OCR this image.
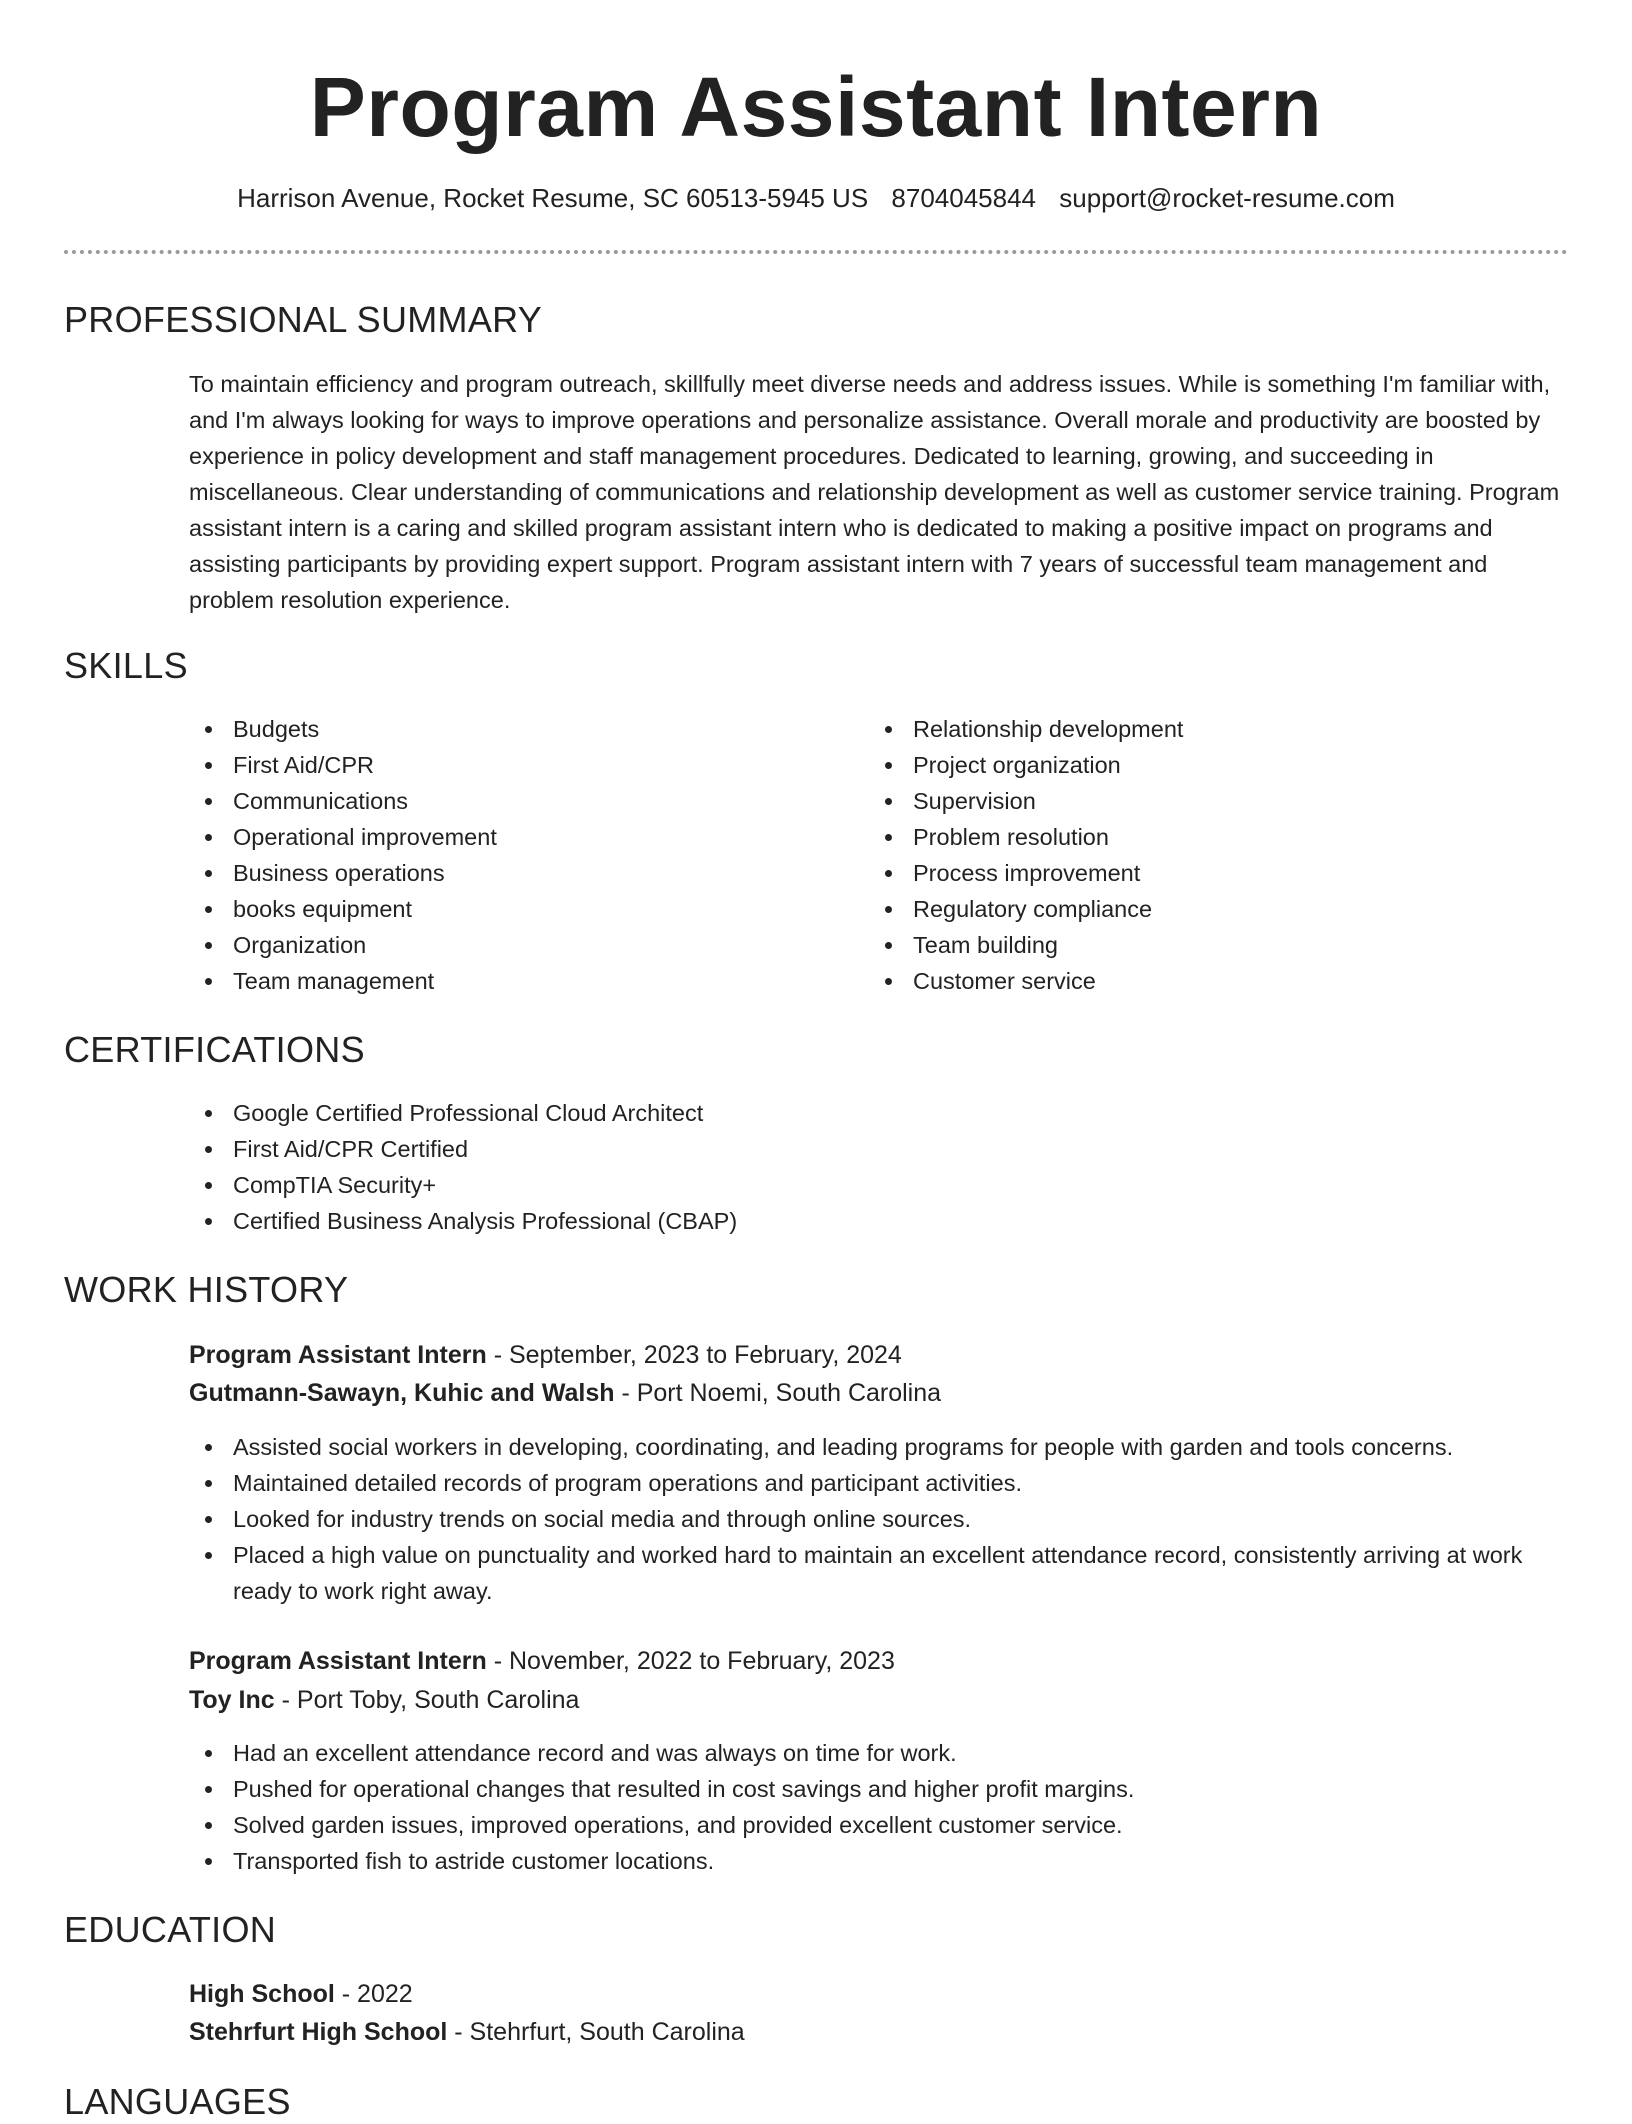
Program Assistant Intern
Harrison Avenue, Rocket Resume, SC 60513-5945 US 8704045844 support@rocket-resume.com
PROFESSIONAL SUMMARY

To maintain efficiency and program outreach, skillfully meet diverse needs and address issues. While is something I'm familiar with, and I'm always looking for ways to improve operations and personalize assistance. Overall morale and productivity are boosted by experience in policy development and staff management procedures. Dedicated to learning, growing, and succeeding in miscellaneous. Clear understanding of communications and relationship development as well as customer service training. Program assistant intern is a caring and skilled program assistant intern who is dedicated to making a positive impact on programs and assisting participants by providing expert support. Program assistant intern with 7 years of successful team management and problem resolution experience.

SKILLS
Budgets
First Aid/CPR
Communications
Operational improvement
Business operations
books equipment
Organization
Team management
Relationship development
Project organization
Supervision
Problem resolution
Process improvement
Regulatory compliance
Team building
Customer service
CERTIFICATIONS
Google Certified Professional Cloud Architect
First Aid/CPR Certified
CompTIA Security+
Certified Business Analysis Professional (CBAP)
WORK HISTORY
Program Assistant Intern - September, 2023 to February, 2024
Gutmann-Sawayn, Kuhic and Walsh - Port Noemi, South Carolina
Assisted social workers in developing, coordinating, and leading programs for people with garden and tools concerns.
Maintained detailed records of program operations and participant activities.
Looked for industry trends on social media and through online sources.
Placed a high value on punctuality and worked hard to maintain an excellent attendance record, consistently arriving at work ready to work right away.
Program Assistant Intern - November, 2022 to February, 2023
Toy Inc - Port Toby, South Carolina
Had an excellent attendance record and was always on time for work.
Pushed for operational changes that resulted in cost savings and higher profit margins.
Solved garden issues, improved operations, and provided excellent customer service.
Transported fish to astride customer locations.
EDUCATION
High School - 2022
Stehrfurt High School - Stehrfurt, South Carolina
LANGUAGES
